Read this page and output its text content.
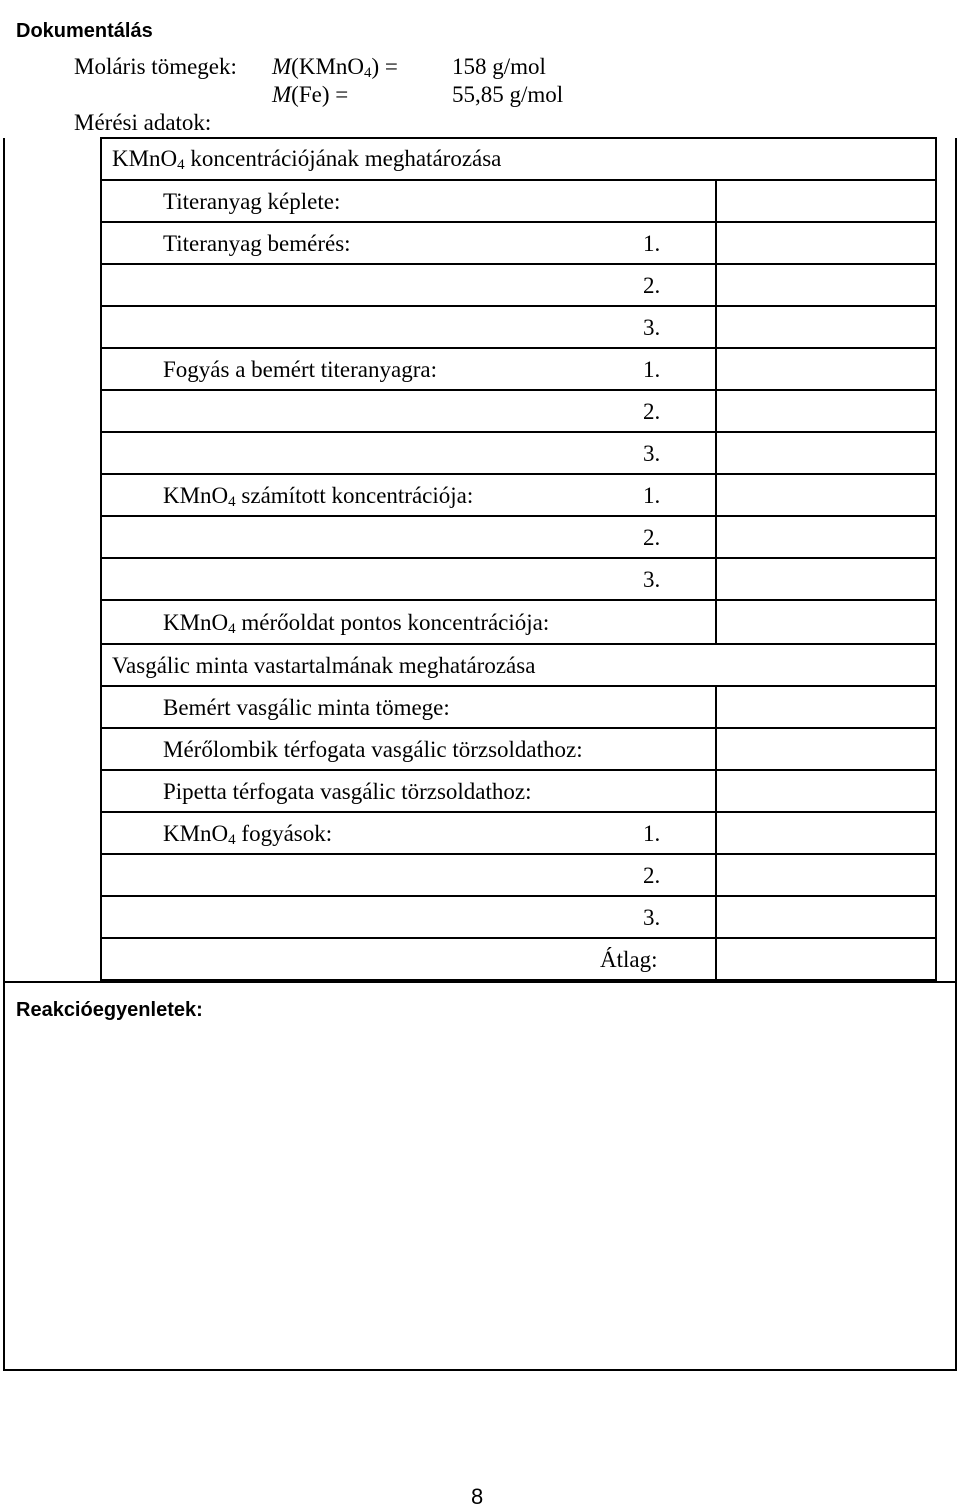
Dokumentálás
Moláris tömegek: M(KMnO$_4$) = 158 g/mol
M(Fe) =	55,85 g/mol
Mérési adatok:
KMnO$_4$ koncentrációjának meghatározása
Titeranyag képlete:
Titeranyag bemérés:	1.
2.
3.
Fogyás a bemért titeranyagra:	1.
2.
3.
KMnO$_4$ számított koncentrációja:	1.
2.
3.
KMnO$_4$ mérőoldat pontos koncentrációja:
Vasgálic minta vastartalmának meghatározása
Bemért vasgálic minta tömege:
Mérőlombik térfogata vasgálic törzsoldathoz:
Pipetta térfogata vasgálic törzsoldathoz:
KMnO$_4$ fogyások:	1.
2.
3.
Átlag:
Reakcióegyenletek:
8
